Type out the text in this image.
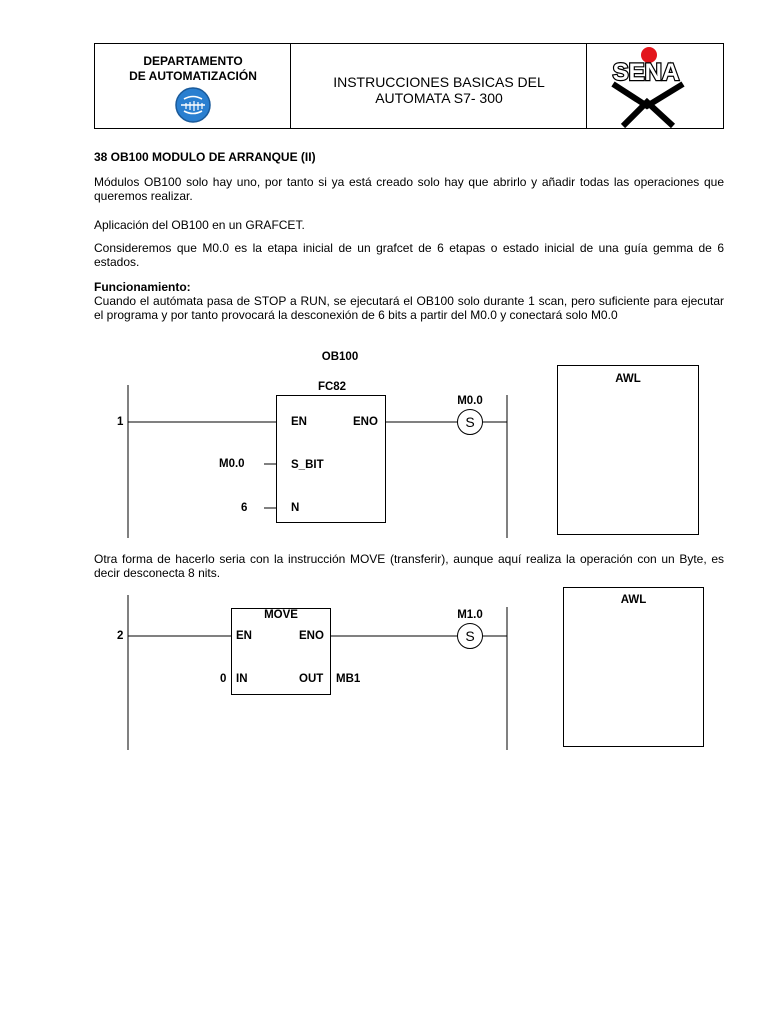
DEPARTAMENTO
DE AUTOMATIZACIÓN	INSTRUCCIONES BASICAS DEL
AUTOMATA S7- 300
SENA
38 OB100 MODULO DE ARRANQUE (II)
Módulos OB100 solo hay uno, por tanto si ya está creado solo hay que abrirlo y añadir todas las operaciones que queremos realizar.
Aplicación del OB100 en un GRAFCET.
Consideremos que M0.0 es la etapa inicial de un grafcet de 6 etapas o estado inicial de una guía gemma de 6 estados.
Funcionamiento:
Cuando el autómata pasa de STOP a RUN, se ejecutará el OB100 solo durante 1 scan, pero suficiente para ejecutar el programa y por tanto provocará la desconexión de 6 bits a partir del M0.0 y conectará solo M0.0
OB100
FC82
EN	ENO
S_BIT
N
1
M0.0
6
M0.0
S
AWL
Otra forma de hacerlo seria con la instrucción MOVE (transferir), aunque aquí realiza la operación con un Byte, es decir desconecta 8 nits.
MOVE
EN	ENO
IN	OUT
2
0	MB1
M1.0
S
AWL
